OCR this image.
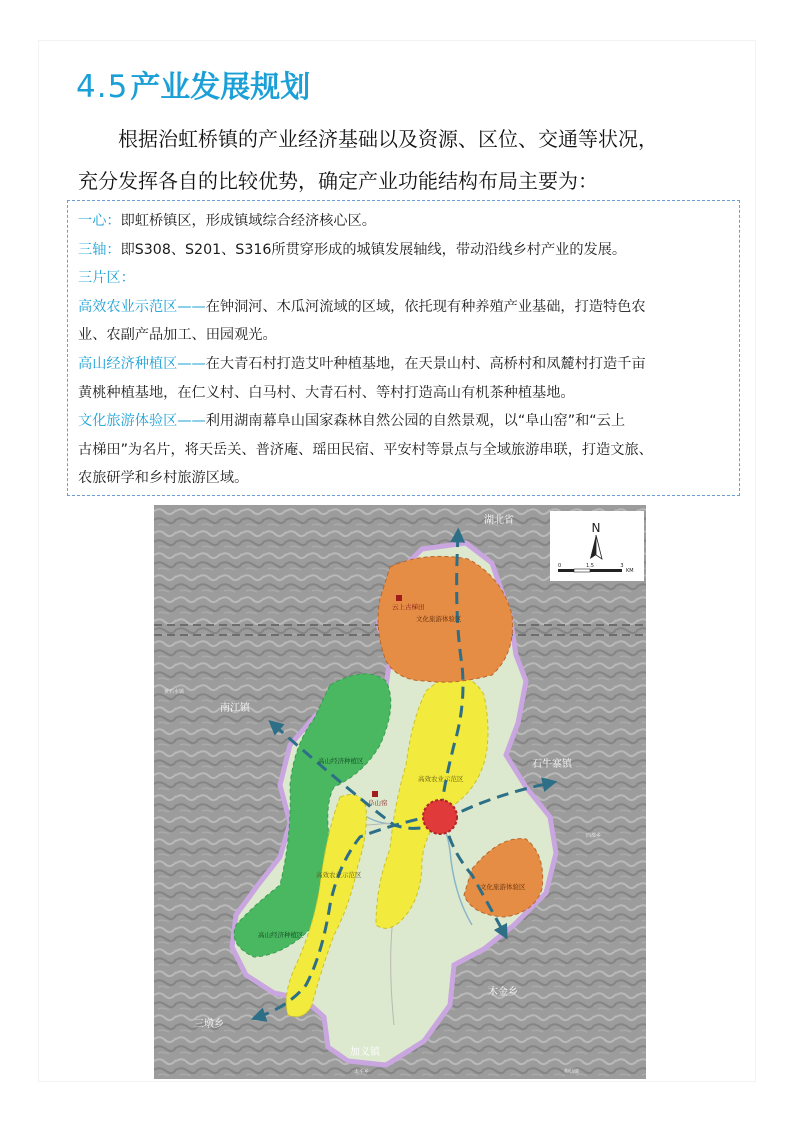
4.5 产业发展规划

根据治虹桥镇的产业经济基础以及资源、区位、交通等状况，

充分发挥各自的比较优势，确定产业功能结构布局主要为：

一心：即虹桥镇区，形成镇域综合经济核心区。

三轴：即S308、S201、S316所贯穿形成的城镇发展轴线，带动沿线乡村产业的发展。

三片区：

高效农业示范区——在钟洞河、木瓜河流域的区域，依托现有种养殖产业基础，打造特色农

业、农副产品加工、田园观光。

高山经济种植区——在大青石村打造艾叶种植基地，在天景山村、高桥村和凤麓村打造千亩

黄桃种植基地，在仁义村、白马村、大青石村、等村打造高山有机茶种植基地。

文化旅游体验区——利用湖南幕阜山国家森林自然公园的自然景观，以“阜山窑”和“云上

古梯田”为名片，将天岳关、普济庵、瑶田民宿、平安村等景点与全域旅游串联，打造文旅、

农旅研学和乡村旅游区域。

N
0	1.5	3
KM
湖北省
南江镇
石牛寨镇
木金乡
三墩乡
加义镇
云上古梯田
阜山窑
文化旅游体验区
文化旅游体验区
高山经济种植区
高山经济种植区
高效农业示范区
高效农业示范区
黄石水镇
四都乡
太平乡	梅仙镇
